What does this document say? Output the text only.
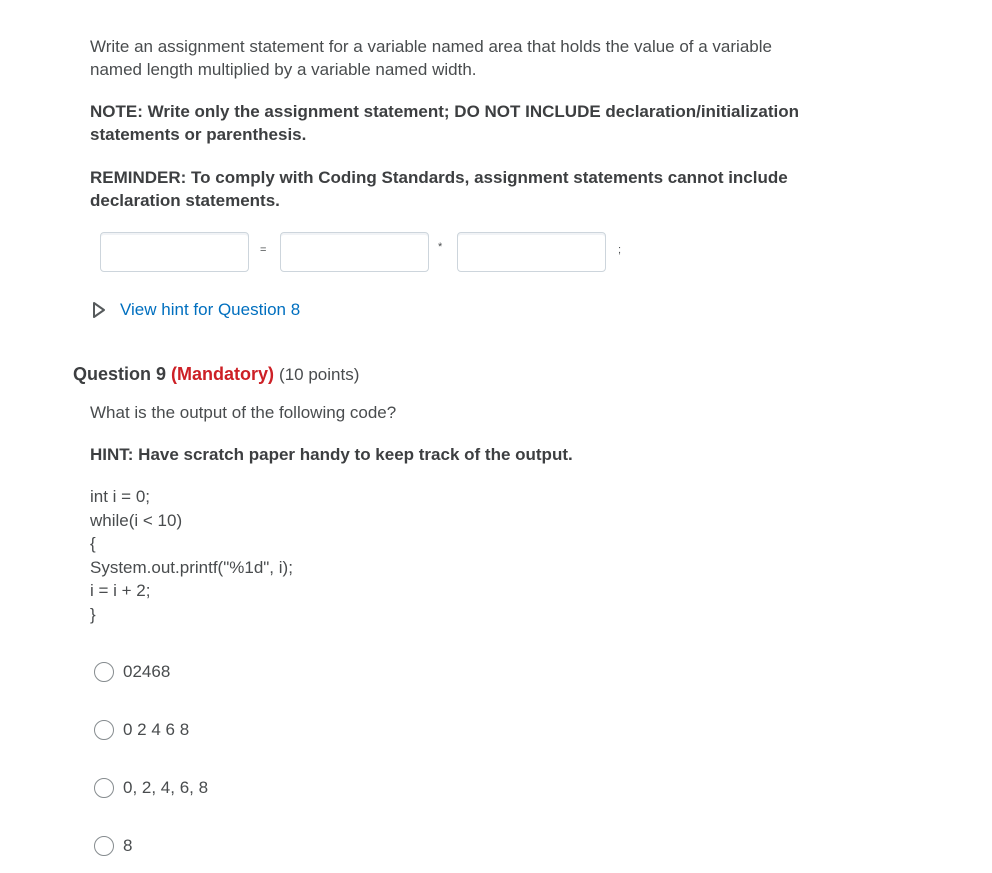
Write an assignment statement for a variable named area that holds the value of a variable named length multiplied by a variable named width.

NOTE: Write only the assignment statement; DO NOT INCLUDE declaration/initialization statements or parenthesis.

REMINDER: To comply with Coding Standards, assignment statements cannot include declaration statements.

=	*	;
View hint for Question 8
Question 9 (Mandatory) (10 points)

What is the output of the following code?

HINT: Have scratch paper handy to keep track of the output.

int i = 0;
while(i < 10)
{
System.out.printf("%1d", i);
i = i + 2;
}
02468
0 2 4 6 8
0, 2, 4, 6, 8
8
